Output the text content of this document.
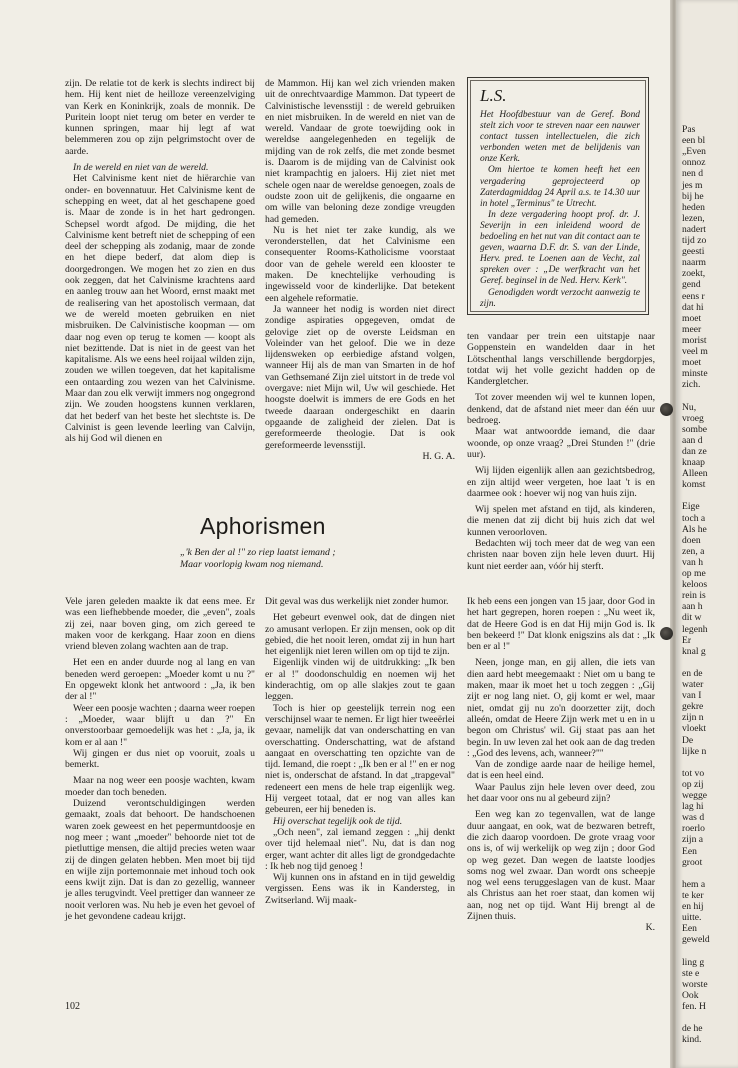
zijn. De relatie tot de kerk is slechts indirect bij hem. Hij kent niet de heilloze vereenzelviging van Kerk en Koninkrijk, zoals de monnik. De Puritein loopt niet terug om beter en verder te kunnen springen, maar hij legt af wat belemmeren zou op zijn pelgrimstocht over de aarde.

In de wereld en niet van de wereld.

Het Calvinisme kent niet de hiërarchie van onder- en bovennatuur. Het Calvinisme kent de schepping en weet, dat al het geschapene goed is. Maar de zonde is in het hart gedrongen. Schepsel wordt afgod. De mijding, die het Calvinisme kent betreft niet de schepping of een deel der schepping als zodanig, maar de zonde en het diepe bederf, dat alom diep is doorgedrongen. We mogen het zo zien en dus ook zeggen, dat het Calvinisme krachtens aard en aanleg trouw aan het Woord, ernst maakt met de realisering van het apostolisch vermaan, dat we de wereld moeten gebruiken en niet misbruiken. De Calvinistische koopman — om daar nog even op terug te komen — koopt als niet bezittende. Dat is niet in de geest van het kapitalisme. Als we eens heel roijaal wilden zijn, zouden we willen toegeven, dat het kapitalisme een ontaarding zou wezen van het Calvinisme. Maar dan zou elk verwijt immers nog ongegrond zijn. We zouden hoogstens kunnen verklaren, dat het bederf van het beste het slechtste is. De Calvinist is geen levende leerling van Calvijn, als hij God wil dienen en

de Mammon. Hij kan wel zich vrienden maken uit de onrechtvaardige Mammon. Dat typeert de Calvinistische levensstijl : de wereld gebruiken en niet misbruiken. In de wereld en niet van de wereld. Vandaar de grote toewijding ook in wereldse aangelegenheden en tegelijk de mijding van de rok zelfs, die met zonde besmet is. Daarom is de mijding van de Calvinist ook niet krampachtig en jaloers. Hij ziet niet met schele ogen naar de wereldse genoegen, zoals de oudste zoon uit de gelijkenis, die ongaarne en om wille van beloning deze zondige vreugden had gemeden.

Nu is het niet ter zake kundig, als we veronderstellen, dat het Calvinisme een consequenter Rooms-Katholicisme voorstaat door van de gehele wereld een klooster te maken. De knechtelijke verhouding is ingewisseld voor de kinderlijke. Dat betekent een algehele reformatie.

Ja wanneer het nodig is worden niet direct zondige aspiraties opgegeven, omdat de gelovige ziet op de overste Leidsman en Voleinder van het geloof. Die we in deze lijdensweken op eerbiedige afstand volgen, wanneer Hij als de man van Smarten in de hof van Gethsemané Zijn ziel uitstort in de trede vol overgave: niet Mijn wil, Uw wil geschiede. Het hoogste doelwit is immers de ere Gods en het tweede daaraan ondergeschikt en daarin opgaande de zaligheid der zielen. Dat is gereformeerde theologie. Dat is ook gereformeerde levensstijl.

H. G. A.
L.S.

Het Hoofdbestuur van de Geref. Bond stelt zich voor te streven naar een nauwer contact tussen intellectuelen, die zich verbonden weten met de belijdenis van onze Kerk.

Om hiertoe te komen heeft het een vergadering geprojecteerd op Zaterdagmiddag 24 April a.s. te 14.30 uur in hotel „Terminus" te Utrecht.

In deze vergadering hoopt prof. dr. J. Severijn in een inleidend woord de bedoeling en het nut van dit contact aan te geven, waarna D.F. dr. S. van der Linde, Herv. pred. te Loenen aan de Vecht, zal spreken over : „De werfkracht van het Geref. beginsel in de Ned. Herv. Kerk".

Genodigden wordt verzocht aanwezig te zijn.

ten vandaar per trein een uitstapje naar Goppenstein en wandelden daar in het Lötschenthal langs verschillende bergdorpjes, totdat wij het volle gezicht hadden op de Kandergletcher.

Tot zover meenden wij wel te kunnen lopen, denkend, dat de afstand niet meer dan één uur bedroeg.

Maar wat antwoordde iemand, die daar woonde, op onze vraag? „Drei Stunden !" (drie uur).

Wij lijden eigenlijk allen aan gezichtsbedrog, en zijn altijd weer vergeten, hoe laat 't is en daarmee ook : hoever wij nog van huis zijn.

Wij spelen met afstand en tijd, als kinderen, die menen dat zij dicht bij huis zich dat wel kunnen veroorloven.

Bedachten wij toch meer dat de weg van een christen naar boven zijn hele leven duurt. Hij kunt niet eerder aan, vóór hij sterft.

Aphorismen
„'k Ben der al !" zo riep laatst iemand ;
Maar voorlopig kwam nog niemand.

Vele jaren geleden maakte ik dat eens mee. Er was een liefhebbende moeder, die „even", zoals zij zei, naar boven ging, om zich gereed te maken voor de kerkgang. Haar zoon en diens vriend bleven zolang wachten aan de trap.

Het een en ander duurde nog al lang en van beneden werd geroepen: „Moeder komt u nu ?" En opgewekt klonk het antwoord : „Ja, ik ben der al !"

Weer een poosje wachten ; daarna weer roepen : „Moeder, waar blijft u dan ?" En onverstoorbaar gemoedelijk was het : „Ja, ja, ik kom er al aan !"

Wij gingen er dus niet op vooruit, zoals u bemerkt.

Maar na nog weer een poosje wachten, kwam moeder dan toch beneden.

Duizend verontschuldigingen werden gemaakt, zoals dat behoort. De handschoenen waren zoek geweest en het pepermuntdoosje en nog meer ; want „moeder" behoorde niet tot de pietluttige mensen, die altijd precies weten waar zij de dingen gelaten hebben. Men moet bij tijd en wijle zijn portemonnaie met inhoud toch ook eens kwijt zijn. Dat is dan zo gezellig, wanneer je alles terugvindt. Veel prettiger dan wanneer ze nooit verloren was. Nu heb je even het gevoel of je het gevondene cadeau krijgt.

Dit geval was dus werkelijk niet zonder humor.

Het gebeurt evenwel ook, dat de dingen niet zo amusant verlopen. Er zijn mensen, ook op dit gebied, die het nooit leren, omdat zij in hun hart het eigenlijk niet leren willen om op tijd te zijn.

Eigenlijk vinden wij de uitdrukking: „Ik ben er al !" doodonschuldig en noemen wij het kinderachtig, om op alle slakjes zout te gaan leggen.

Toch is hier op geestelijk terrein nog een verschijnsel waar te nemen. Er ligt hier tweeërlei gevaar, namelijk dat van onderschatting en van overschatting. Onderschatting, wat de afstand aangaat en overschatting ten opzichte van de tijd. Iemand, die roept : „Ik ben er al !" en er nog niet is, onderschat de afstand. In dat „trapgeval" redeneert een mens de hele trap eigenlijk weg. Hij vergeet totaal, dat er nog van alles kan gebeuren, eer hij beneden is.

Hij overschat tegelijk ook de tijd.

„Och neen", zal iemand zeggen : „hij denkt over tijd helemaal niet". Nu, dat is dan nog erger, want achter dit alles ligt de grondgedachte : Ik heb nog tijd genoeg !

Wij kunnen ons in afstand en in tijd geweldig vergissen. Eens was ik in Kandersteg, in Zwitserland. Wij maak-

Ik heb eens een jongen van 15 jaar, door God in het hart gegrepen, horen roepen : „Nu weet ik, dat de Heere God is en dat Hij mijn God is. Ik ben bekeerd !" Dat klonk enigszins als dat : „Ik ben er al !"

Neen, jonge man, en gij allen, die iets van dien aard hebt meegemaakt : Niet om u bang te maken, maar ik moet het u toch zeggen : „Gij zijt er nog lang niet. O, gij komt er wel, maar niet, omdat gij nu zo'n doorzetter zijt, doch alleén, omdat de Heere Zijn werk met u en in u begon om Christus' wil. Gij staat pas aan het begin. In uw leven zal het ook aan de dag treden : „God des levens, ach, wanneer?""

Van de zondige aarde naar de heilige hemel, dat is een heel eind.

Waar Paulus zijn hele leven over deed, zou het daar voor ons nu al gebeurd zijn?

Een weg kan zo tegenvallen, wat de lange duur aangaat, en ook, wat de bezwaren betreft, die zich daarop voordoen. De grote vraag voor ons is, of wij werkelijk op weg zijn ; door God op weg gezet. Dan wegen de laatste loodjes soms nog wel zwaar. Dan wordt ons scheepje nog wel eens teruggeslagen van de kust. Maar als Christus aan het roer staat, dan komen wij aan, nog net op tijd. Want Hij brengt al de Zijnen thuis.

K.
102
Pas
een bl
„Even
onnoz
nen d
jes m
bij he
heden
lezen,
nadert
tijd zo
geesti
naarm
zoekt,
gend
eens r
dat hi
moet
meer
morist
veel m
moet
minste
zich.
Nu,
vroeg
sombe
aan d
dan ze
knaap
Alleen
komst
Eige
toch a
Als he
doen
zen, a
van h
op me
keloos
rein is
aan h
dit w
legenh
Er
knal g
en de
water
van I
gekre
zijn n
vloekt
De
lijke n
tot vo
op zij
wegge
lag hi
was d
roerlo
zijn a
Een
groot
hem a
te ker
en hij
uitte.
Een
geweld
ling g
ste e
worste
Ook
fen. H
de he
kind.
